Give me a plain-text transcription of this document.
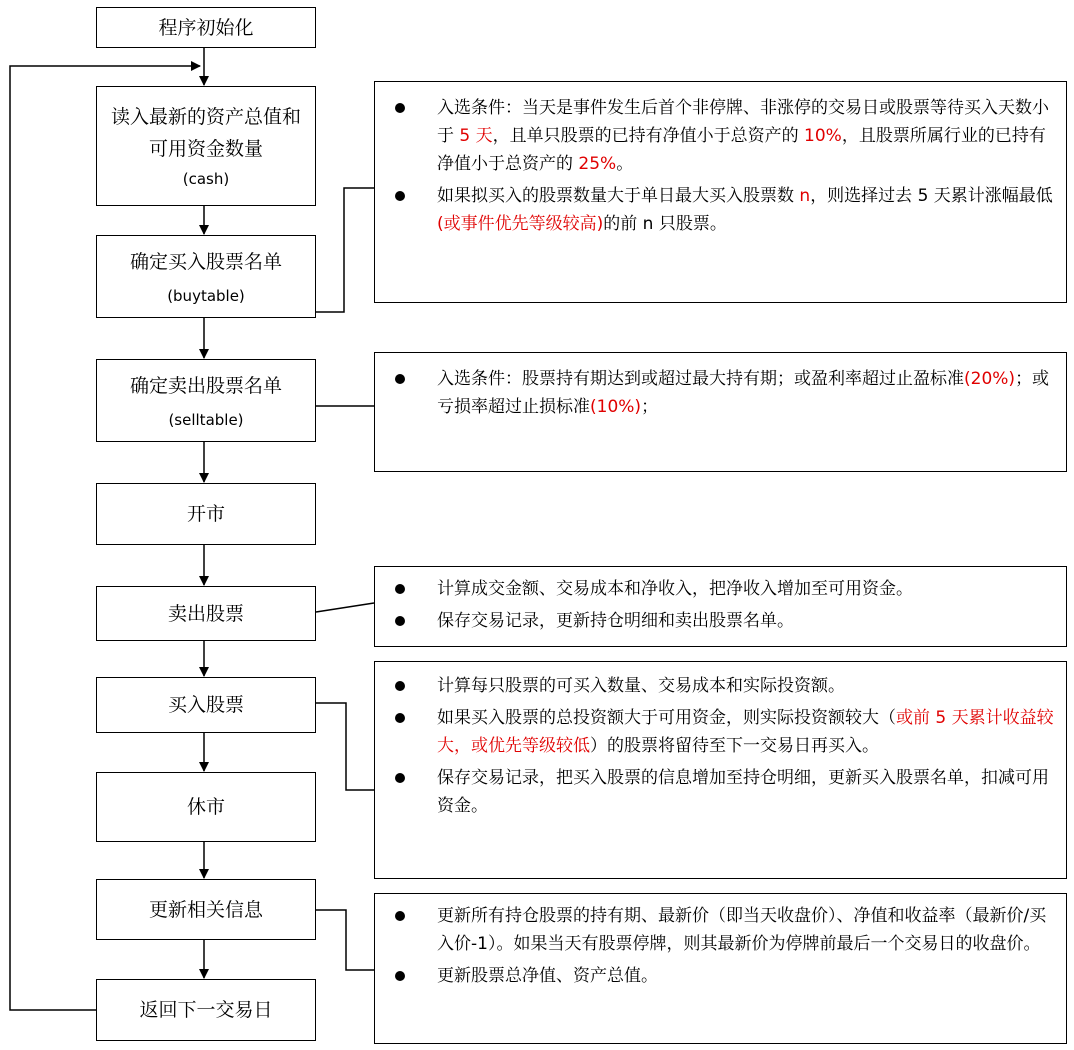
程序初始化
读入最新的资产总值和可用资金数量
(cash)
确定买入股票名单
(buytable)
确定卖出股票名单
(selltable)
开市
卖出股票
买入股票
休市
更新相关信息
返回下一交易日
入选条件：当天是事件发生后首个非停牌、非涨停的交易日或股票等待买入天数小于 5 天，且单只股票的已持有净值小于总资产的 10%，且股票所属行业的已持有净值小于总资产的 25%。
如果拟买入的股票数量大于单日最大买入股票数 n，则选择过去 5 天累计涨幅最低(或事件优先等级较高)的前 n 只股票。
入选条件：股票持有期达到或超过最大持有期；或盈利率超过止盈标准(20%)；或亏损率超过止损标准(10%)；
计算成交金额、交易成本和净收入，把净收入增加至可用资金。
保存交易记录，更新持仓明细和卖出股票名单。
计算每只股票的可买入数量、交易成本和实际投资额。
如果买入股票的总投资额大于可用资金，则实际投资额较大（或前 5 天累计收益较大，或优先等级较低）的股票将留待至下一交易日再买入。
保存交易记录，把买入股票的信息增加至持仓明细，更新买入股票名单，扣减可用资金。
更新所有持仓股票的持有期、最新价（即当天收盘价）、净值和收益率（最新价/买入价-1）。如果当天有股票停牌，则其最新价为停牌前最后一个交易日的收盘价。
更新股票总净值、资产总值。
